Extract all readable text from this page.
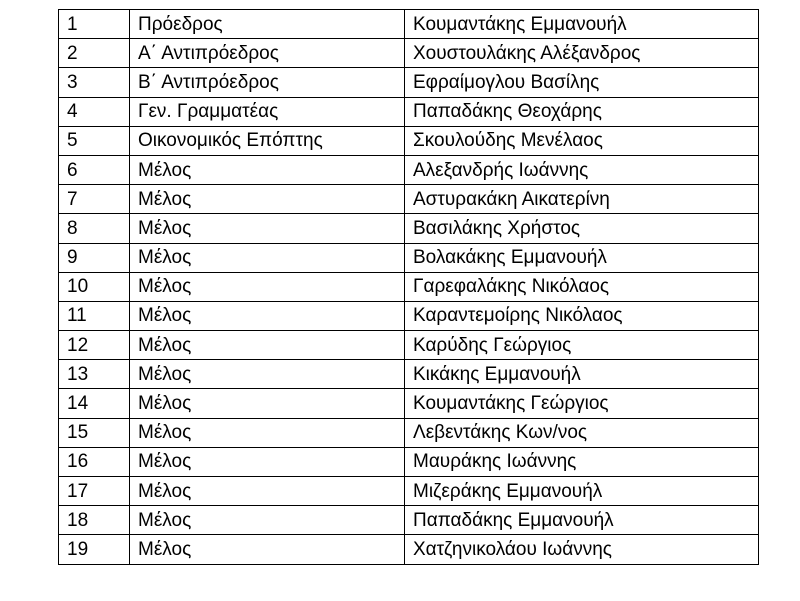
1	Πρόεδρος	Κουμαντάκης Εμμανουήλ
2	Α΄ Αντιπρόεδρος	Χουστουλάκης Αλέξανδρος
3	Β΄ Αντιπρόεδρος	Εφραίμογλου Βασίλης
4	Γεν. Γραμματέας	Παπαδάκης Θεοχάρης
5	Οικονομικός Επόπτης	Σκουλούδης Μενέλαος
6	Μέλος	Αλεξανδρής Ιωάννης
7	Μέλος	Αστυρακάκη Αικατερίνη
8	Μέλος	Βασιλάκης Χρήστος
9	Μέλος	Βολακάκης Εμμανουήλ
10	Μέλος	Γαρεφαλάκης Νικόλαος
11	Μέλος	Καραντεμοίρης Νικόλαος
12	Μέλος	Καρύδης Γεώργιος
13	Μέλος	Κικάκης Εμμανουήλ
14	Μέλος	Κουμαντάκης Γεώργιος
15	Μέλος	Λεβεντάκης Κων/νος
16	Μέλος	Μαυράκης Ιωάννης
17	Μέλος	Μιζεράκης Εμμανουήλ
18	Μέλος	Παπαδάκης Εμμανουήλ
19	Μέλος	Χατζηνικολάου Ιωάννης
